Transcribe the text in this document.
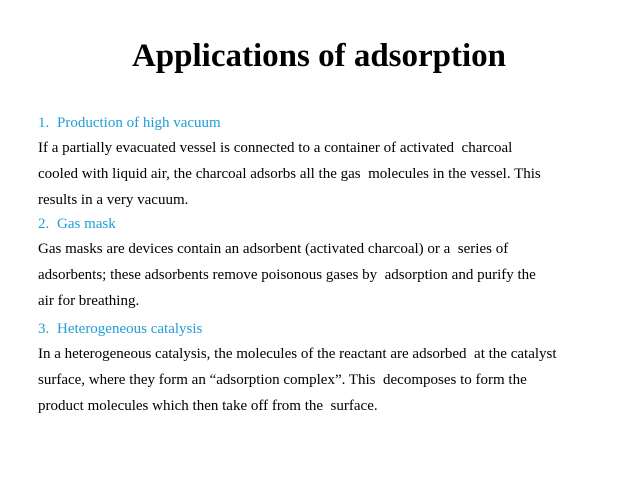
Applications of adsorption
1. Production of high vacuum
If a partially evacuated vessel is connected to a container of activated  charcoal
cooled with liquid air, the charcoal adsorbs all the gas  molecules in the vessel. This
results in a very vacuum.
2. Gas mask
Gas masks are devices contain an adsorbent (activated charcoal) or a  series of
adsorbents; these adsorbents remove poisonous gases by  adsorption and purify the
air for breathing.
3. Heterogeneous catalysis
In a heterogeneous catalysis, the molecules of the reactant are adsorbed  at the catalyst
surface, where they form an “adsorption complex”. This  decomposes to form the
product molecules which then take off from the  surface.
